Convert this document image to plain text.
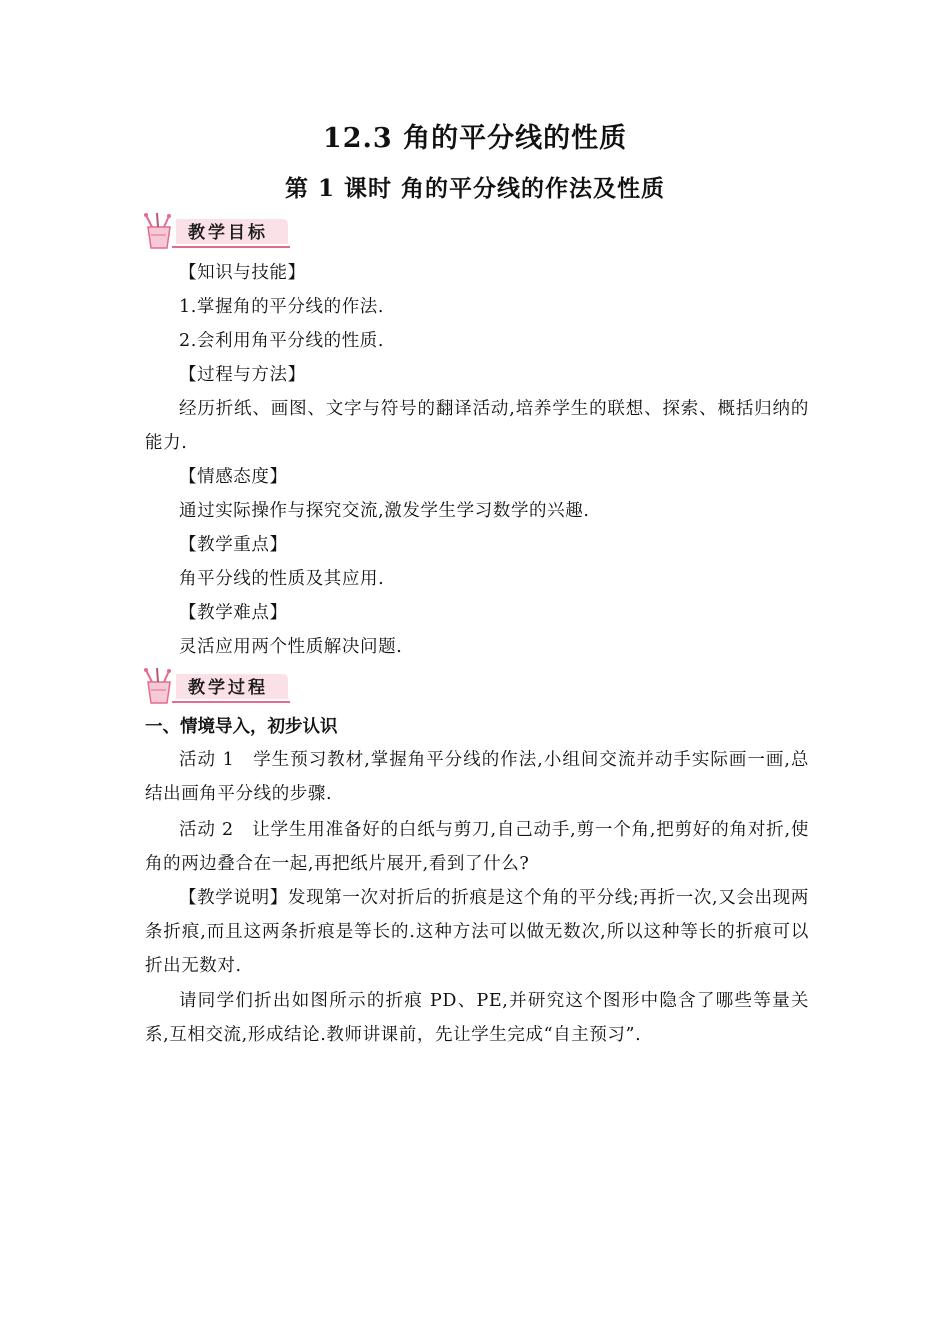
12.3 角的平分线的性质
第 1 课时 角的平分线的作法及性质
教学目标
【知识与技能】
1.掌握角的平分线的作法.
2.会利用角平分线的性质.
【过程与方法】
经历折纸、画图、文字与符号的翻译活动,培养学生的联想、探索、概括归纳的能力.
【情感态度】
通过实际操作与探究交流,激发学生学习数学的兴趣.
【教学重点】
角平分线的性质及其应用.
【教学难点】
灵活应用两个性质解决问题.
教学过程
一、情境导入，初步认识
活动 1　学生预习教材,掌握角平分线的作法,小组间交流并动手实际画一画,总结出画角平分线的步骤.
活动 2　让学生用准备好的白纸与剪刀,自己动手,剪一个角,把剪好的角对折,使角的两边叠合在一起,再把纸片展开,看到了什么?
【教学说明】发现第一次对折后的折痕是这个角的平分线;再折一次,又会出现两条折痕,而且这两条折痕是等长的.这种方法可以做无数次,所以这种等长的折痕可以折出无数对.
请同学们折出如图所示的折痕 PD、PE,并研究这个图形中隐含了哪些等量关系,互相交流,形成结论.教师讲课前，先让学生完成“自主预习”.
